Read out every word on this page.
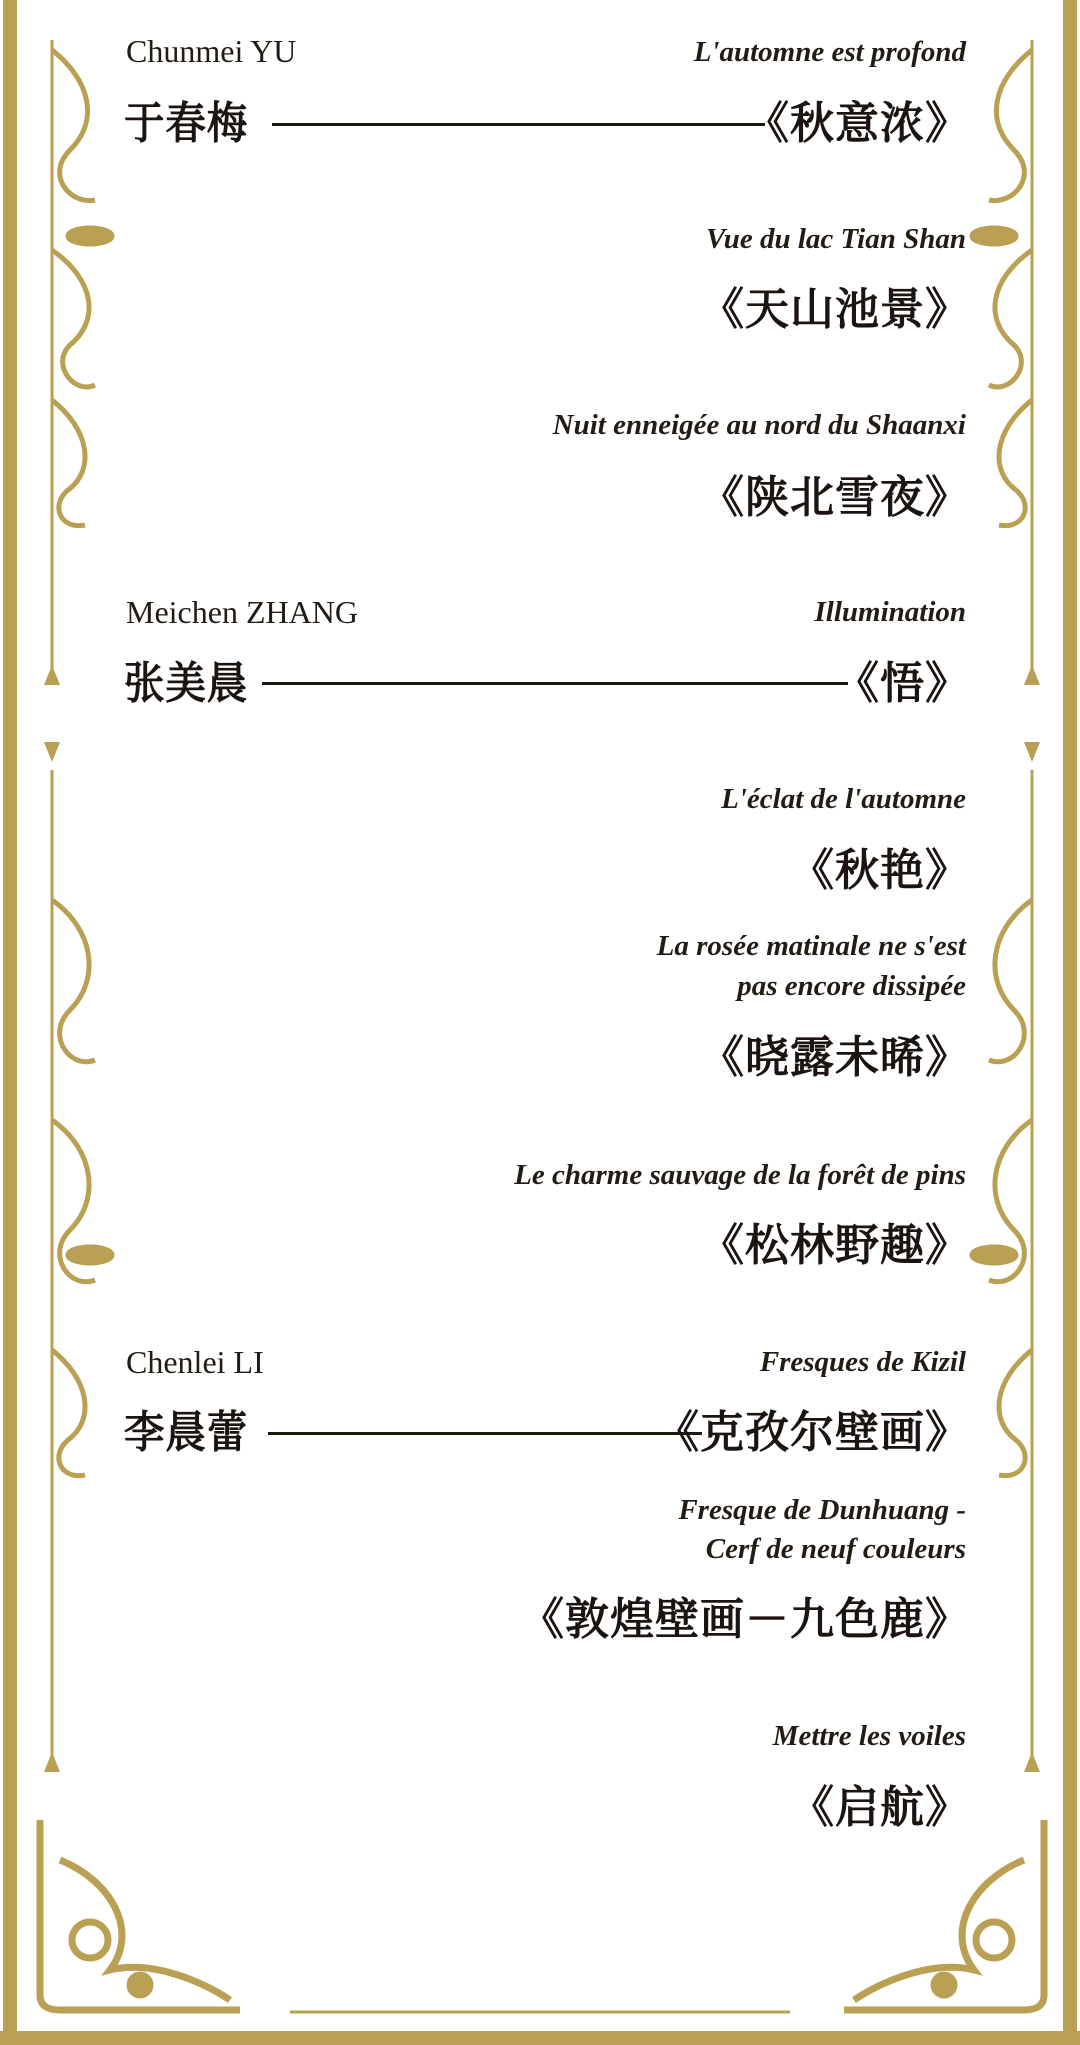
Chunmei YU
于春梅
L'automne est profond
《秋意浓》
Vue du lac Tian Shan
《天山池景》
Nuit enneigée au nord du Shaanxi
《陕北雪夜》
Meichen ZHANG
张美晨
Illumination
《悟》
L'éclat de l'automne
《秋艳》
La rosée matinale ne s'est
pas encore dissipée
《晓露未晞》
Le charme sauvage de la forêt de pins
《松林野趣》
Chenlei LI
李晨蕾
Fresques de Kizil
《克孜尔壁画》
Fresque de Dunhuang -
Cerf de neuf couleurs
《敦煌壁画－九色鹿》
Mettre les voiles
《启航》
